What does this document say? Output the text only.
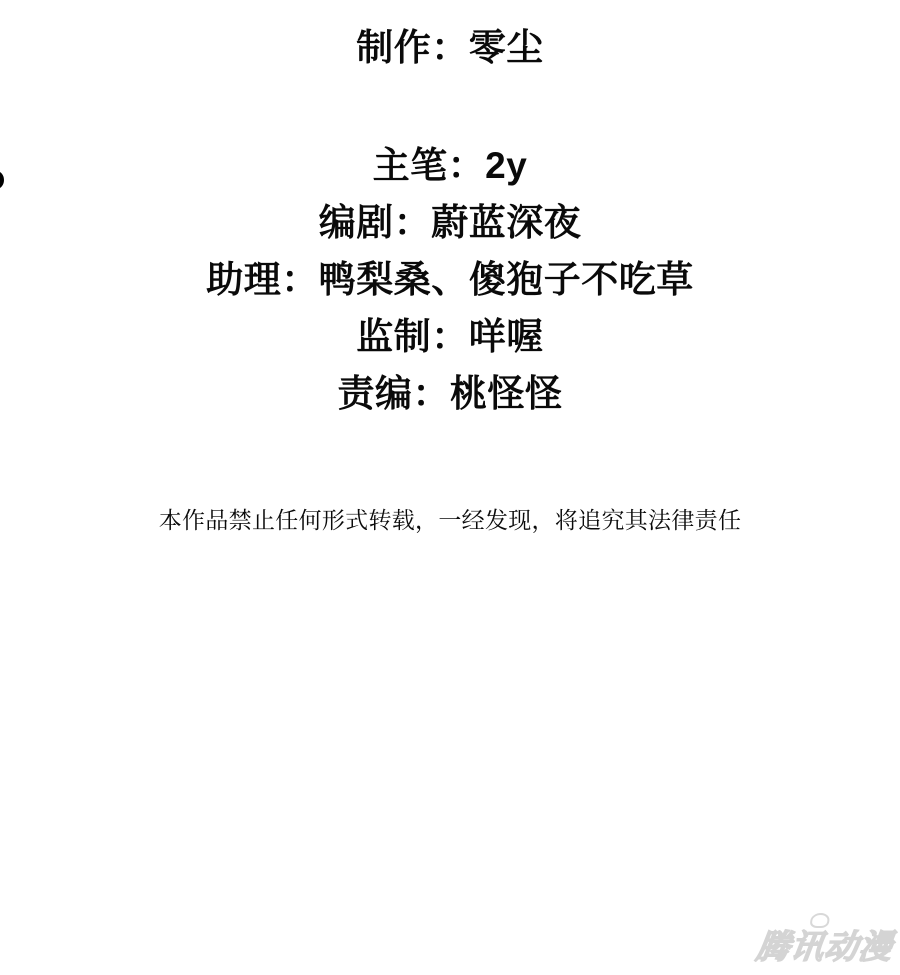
制作：零尘
主笔：2y
编剧：蔚蓝深夜
助理：鸭梨桑、傻狍子不吃草
监制：咩喔
责编：桃怪怪
本作品禁止任何形式转载，一经发现，将追究其法律责任
腾讯动漫
